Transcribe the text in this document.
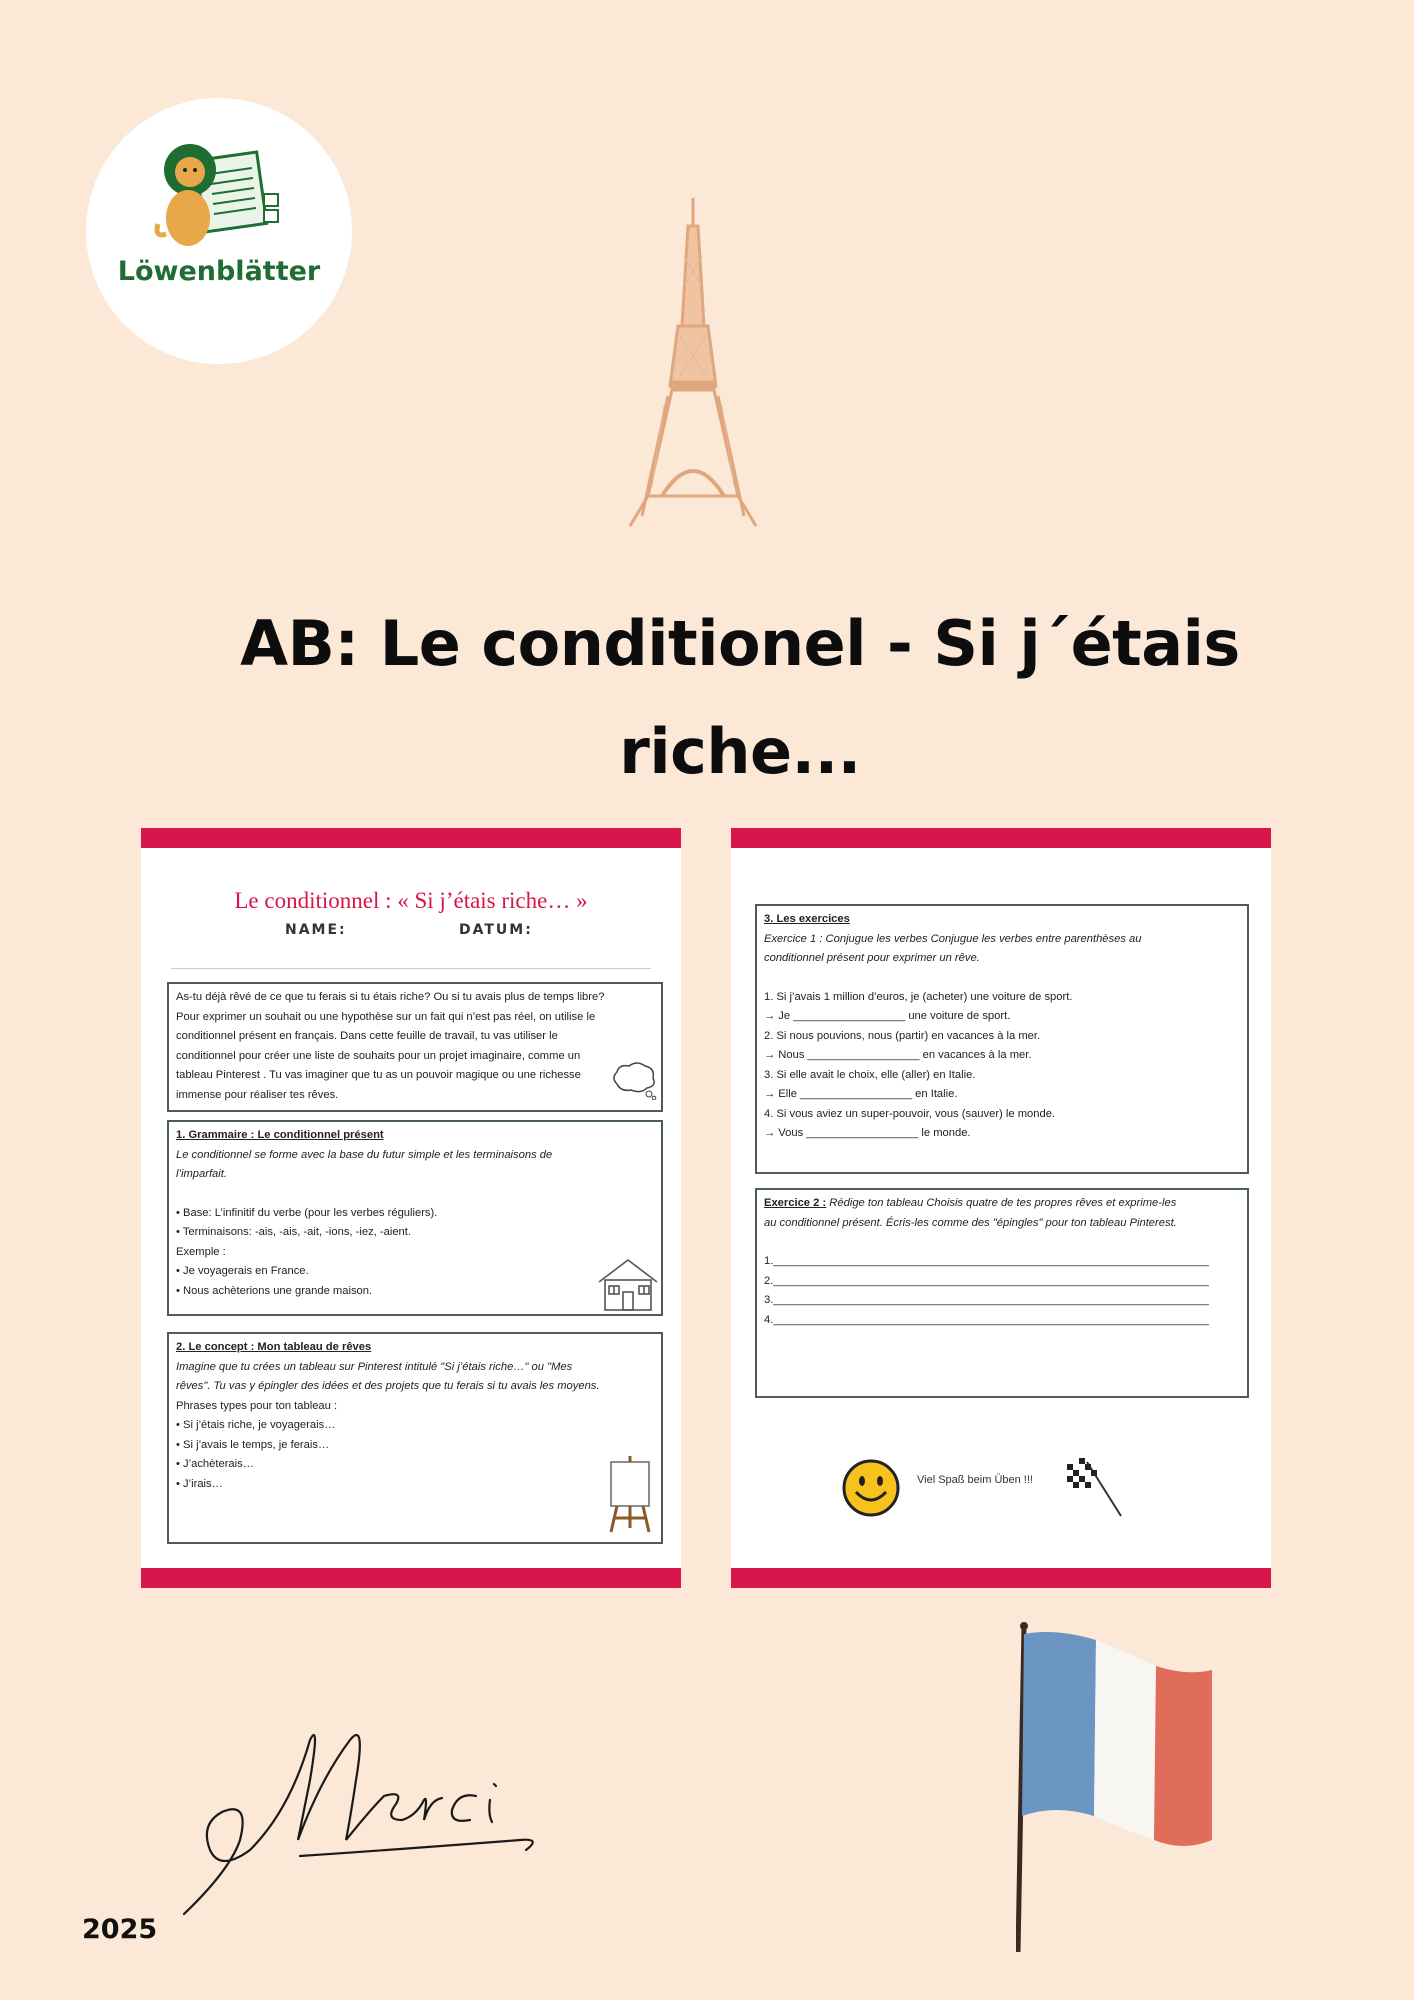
Löwenblätter
AB: Le conditionel - Si j´étais
riche...
Le conditionnel : « Si j’étais riche… »
NAME:	DATUM:

As-tu déjà rêvé de ce que tu ferais si tu étais riche? Ou si tu avais plus de temps libre?

Pour exprimer un souhait ou une hypothèse sur un fait qui n’est pas réel, on utilise le

conditionnel présent en français. Dans cette feuille de travail, tu vas utiliser le

conditionnel pour créer une liste de souhaits pour un projet imaginaire, comme un

tableau Pinterest . Tu vas imaginer que tu as un pouvoir magique ou une richesse

immense pour réaliser tes rêves.

1. Grammaire : Le conditionnel présent

Le conditionnel se forme avec la base du futur simple et les terminaisons de

l’imparfait.

• Base: L’infinitif du verbe (pour les verbes réguliers).

• Terminaisons: -ais, -ais, -ait, -ions, -iez, -aient.

Exemple :

• Je voyagerais en France.

• Nous achèterions une grande maison.

2. Le concept : Mon tableau de rêves

Imagine que tu crées un tableau sur Pinterest intitulé "Si j’étais riche…" ou "Mes

rêves". Tu vas y épingler des idées et des projets que tu ferais si tu avais les moyens.

Phrases types pour ton tableau :

• Si j’étais riche, je voyagerais…

• Si j’avais le temps, je ferais…

• J’achèterais…

• J’irais…

3. Les exercices

Exercice 1 : Conjugue les verbes Conjugue les verbes entre parenthèses au

conditionnel présent pour exprimer un rêve.

1. Si j’avais 1 million d’euros, je (acheter) une voiture de sport.

→ Je __________________ une voiture de sport.

2. Si nous pouvions, nous (partir) en vacances à la mer.

→ Nous __________________ en vacances à la mer.

3. Si elle avait le choix, elle (aller) en Italie.

→ Elle __________________ en Italie.

4. Si vous aviez un super-pouvoir, vous (sauver) le monde.

→ Vous __________________ le monde.

Exercice 2 : Rédige ton tableau Choisis quatre de tes propres rêves et exprime-les

au conditionnel présent. Écris-les comme des "épingles" pour ton tableau Pinterest.

1.______________________________________________________________________

2.______________________________________________________________________

3.______________________________________________________________________

4.______________________________________________________________________

Viel Spaß beim Üben !!!
Merci
2025
